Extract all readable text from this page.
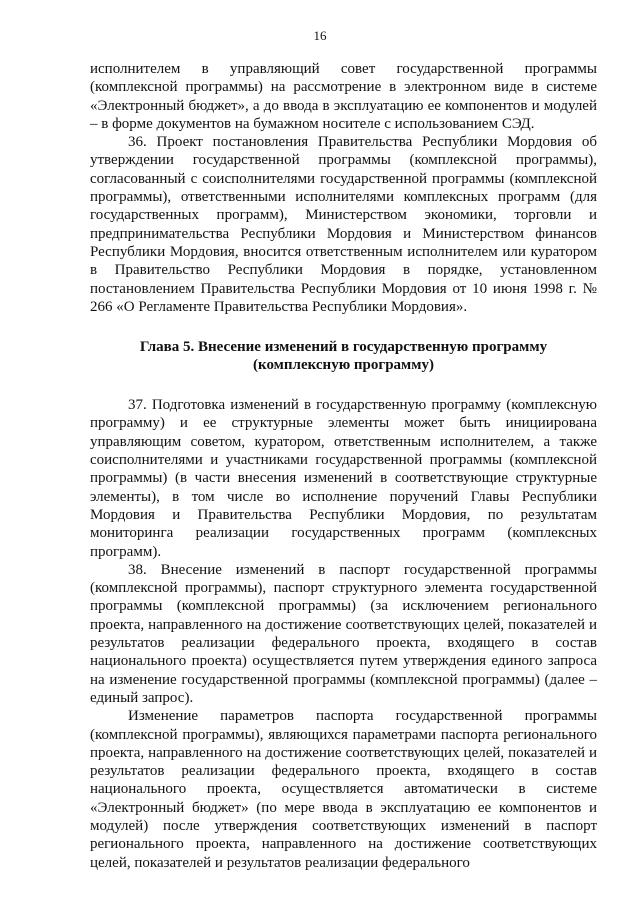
16

исполнителем в управляющий совет государственной программы (комплексной программы) на рассмотрение в электронном виде в системе «Электронный бюджет», а до ввода в эксплуатацию ее компонентов и модулей – в форме документов на бумажном носителе с использованием СЭД.

36. Проект постановления Правительства Республики Мордовия об утверждении государственной программы (комплексной программы), согласованный с соисполнителями государственной программы (комплексной программы), ответственными исполнителями комплексных программ (для государственных программ), Министерством экономики, торговли и предпринимательства Республики Мордовия и Министерством финансов Республики Мордовия, вносится ответственным исполнителем или куратором в Правительство Республики Мордовия в порядке, установленном постановлением Правительства Республики Мордовия от 10 июня 1998 г. № 266 «О Регламенте Правительства Республики Мордовия».

Глава 5. Внесение изменений в государственную программу (комплексную программу)

37. Подготовка изменений в государственную программу (комплексную программу) и ее структурные элементы может быть инициирована управляющим советом, куратором, ответственным исполнителем, а также соисполнителями и участниками государственной программы (комплексной программы) (в части внесения изменений в соответствующие структурные элементы), в том числе во исполнение поручений Главы Республики Мордовия и Правительства Республики Мордовия, по результатам мониторинга реализации государственных программ (комплексных программ).

38. Внесение изменений в паспорт государственной программы (комплексной программы), паспорт структурного элемента государственной программы (комплексной программы) (за исключением регионального проекта, направленного на достижение соответствующих целей, показателей и результатов реализации федерального проекта, входящего в состав национального проекта) осуществляется путем утверждения единого запроса на изменение государственной программы (комплексной программы) (далее – единый запрос).

Изменение параметров паспорта государственной программы (комплексной программы), являющихся параметрами паспорта регионального проекта, направленного на достижение соответствующих целей, показателей и результатов реализации федерального проекта, входящего в состав национального проекта, осуществляется автоматически в системе «Электронный бюджет» (по мере ввода в эксплуатацию ее компонентов и модулей) после утверждения соответствующих изменений в паспорт регионального проекта, направленного на достижение соответствующих целей, показателей и результатов реализации федерального
